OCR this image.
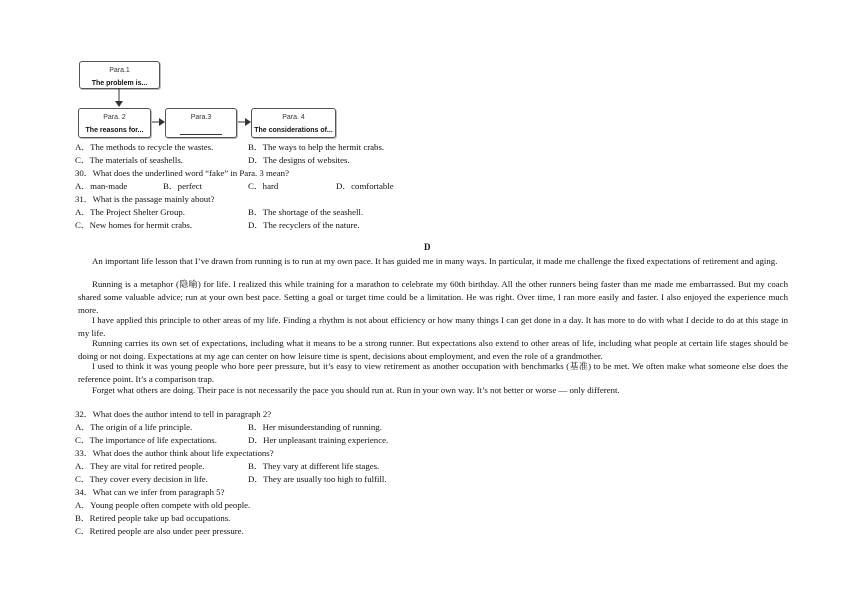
Para.1
The problem is...
Para. 2
The reasons for...
Para.3	Para. 4
The considerations of...
A．The methods to recycle the wastes.	B．The ways to help the hermit crabs.
C．The materials of seashells.	D．The designs of websites.
30．What does the underlined word “fake” in Para. 3 mean?
A．man-made	B．perfect	C．hard	D．comfortable
31．What is the passage mainly about?
A．The Project Shelter Group.	B．The shortage of the seashell.
C．New homes for hermit crabs.	D．The recyclers of the nature.
D
An important life lesson that I’ve drawn from running is to run at my own pace. It has guided me in many ways. In particular, it made me challenge the fixed expectations of retirement and aging.
Running is a metaphor (隐喻) for life. I realized this while training for a marathon to celebrate my 60th birthday. All the other runners being faster than me made me embarrassed. But my coach shared some valuable advice; run at your own best pace. Setting a goal or target time could be a limitation. He was right. Over time, I ran more easily and faster. I also enjoyed the experience much more.
I have applied this principle to other areas of my life. Finding a rhythm is not about efficiency or how many things I can get done in a day. It has more to do with what I decide to do at this stage in my life.
Running carries its own set of expectations, including what it means to be a strong runner. But expectations also extend to other areas of life, including what people at certain life stages should be doing or not doing. Expectations at my age can center on how leisure time is spent, decisions about employment, and even the role of a grandmother.
I used to think it was young people who bore peer pressure, but it’s easy to view retirement as another occupation with benchmarks (基准) to be met. We often make what someone else does the reference point. It’s a comparison trap.
Forget what others are doing. Their pace is not necessarily the pace you should run at. Run in your own way. It’s not better or worse — only different.
32．What does the author intend to tell in paragraph 2?
A．The origin of a life principle.	B．Her misunderstanding of running.
C．The importance of life expectations.	D．Her unpleasant training experience.
33．What does the author think about life expectations?
A．They are vital for retired people.	B．They vary at different life stages.
C．They cover every decision in life.	D．They are usually too high to fulfill.
34．What can we infer from paragraph 5?
A．Young people often compete with old people.
B．Retired people take up bad occupations.
C．Retired people are also under peer pressure.
